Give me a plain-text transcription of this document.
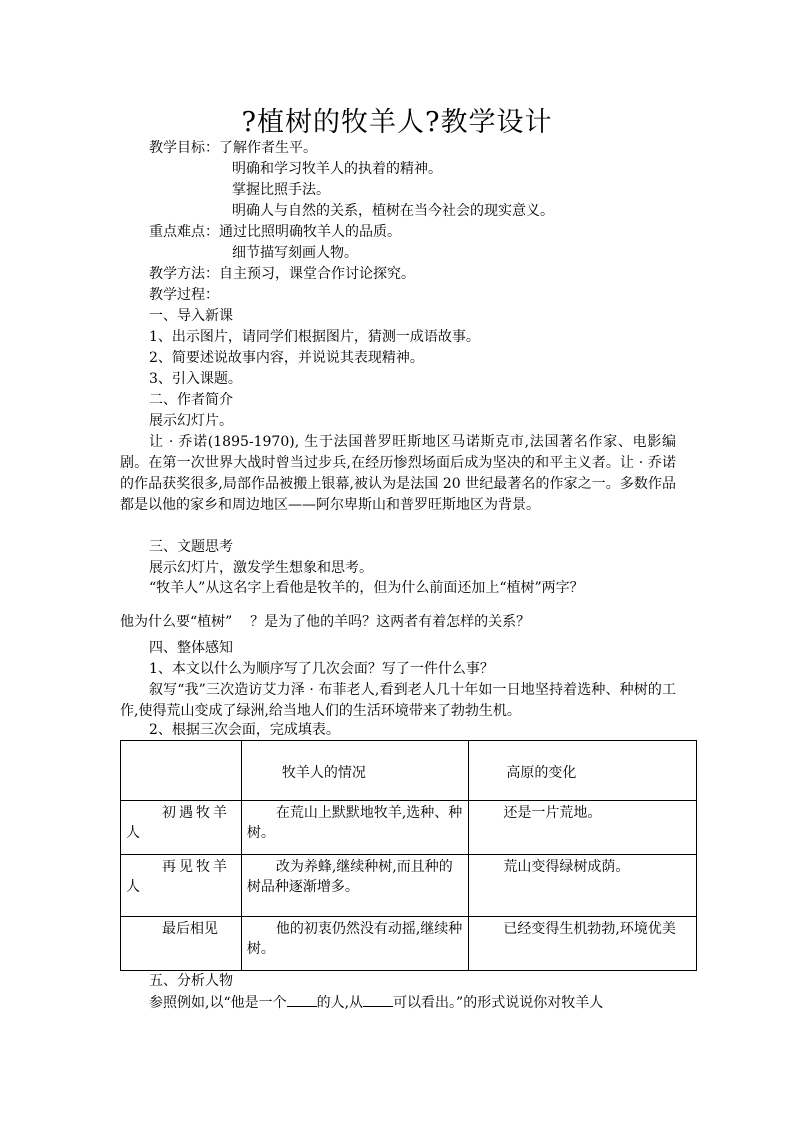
?植树的牧羊人?教学设计
教学目标：了解作者生平。
明确和学习牧羊人的执着的精神。
掌握比照手法。
明确人与自然的关系，植树在当今社会的现实意义。
重点难点：通过比照明确牧羊人的品质。
细节描写刻画人物。
教学方法：自主预习，课堂合作讨论探究。
教学过程：
一、导入新课
1、出示图片，请同学们根据图片，猜测一成语故事。
2、简要述说故事内容，并说说其表现精神。
3、引入课题。
二、作者简介
展示幻灯片。
让 · 乔诺(1895-1970), 生于法国普罗旺斯地区马诺斯克市,法国著名作家、电影编剧。在第一次世界大战时曾当过步兵,在经历惨烈场面后成为坚决的和平主义者。让 · 乔诺的作品获奖很多,局部作品被搬上银幕,被认为是法国 20 世纪最著名的作家之一。多数作品都是以他的家乡和周边地区——阿尔卑斯山和普罗旺斯地区为背景。
三、文题思考
展示幻灯片，激发学生想象和思考。
“牧羊人”从这名字上看他是牧羊的，但为什么前面还加上“植树”两字？
他为什么要“植树”    ？是为了他的羊吗？这两者有着怎样的关系？
四、整体感知
1、本文以什么为顺序写了几次会面？写了一件什么事？
叙写“我”三次造访艾力泽 · 布菲老人,看到老人几十年如一日地坚持着选种、种树的工作,使得荒山变成了绿洲,给当地人们的生活环境带来了勃勃生机。
2、根据三次会面，完成填表。
	牧羊人的情况	高原的变化
初遇牧羊人	在荒山上默默地牧羊,选种、种树。	还是一片荒地。
再见牧羊人	改为养蜂,继续种树,而且种的树品种逐渐增多。	荒山变得绿树成荫。
最后相见	他的初衷仍然没有动摇,继续种树。	已经变得生机勃勃,环境优美
五、分析人物
参照例如,以“他是一个 的人,从 可以看出。”的形式说说你对牧羊人
